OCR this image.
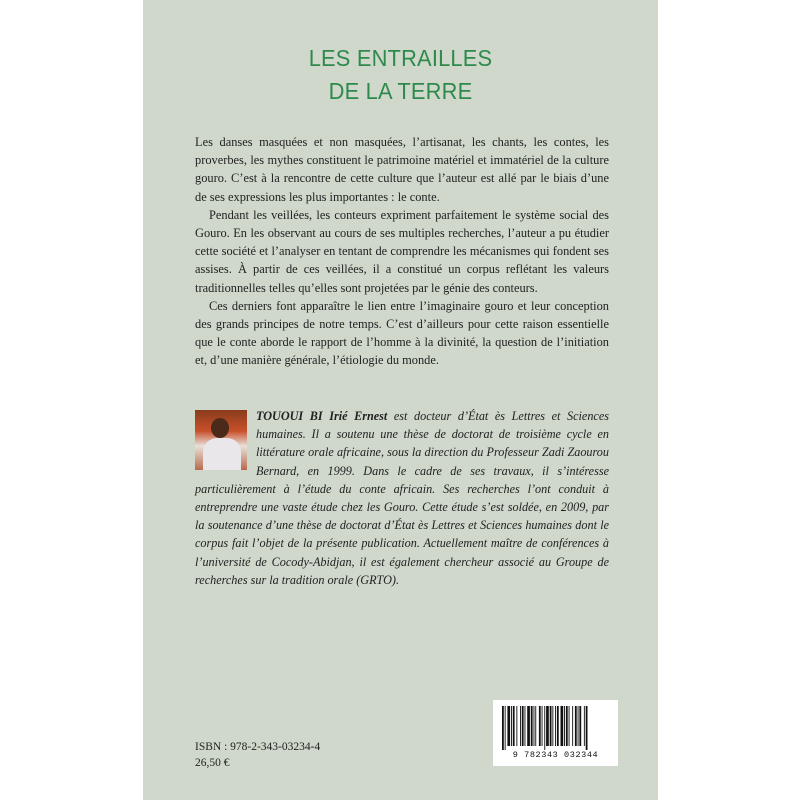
LES ENTRAILLES
DE LA TERRE

Les danses masquées et non masquées, l’artisanat, les chants, les contes, les proverbes, les mythes constituent le patrimoine matériel et immatériel de la culture gouro. C’est à la rencontre de cette culture que l’auteur est allé par le biais d’une de ses expressions les plus importantes : le conte.

Pendant les veillées, les conteurs expriment parfaitement le système social des Gouro. En les observant au cours de ses multiples recherches, l’auteur a pu étudier cette société et l’analyser en tentant de comprendre les mécanismes qui fondent ses assises. À partir de ces veillées, il a constitué un corpus reflétant les valeurs traditionnelles telles qu’elles sont projetées par le génie des conteurs.

Ces derniers font apparaître le lien entre l’imaginaire gouro et leur conception des grands principes de notre temps. C’est d’ailleurs pour cette raison essentielle que le conte aborde le rapport de l’homme à la divinité, la question de l’initiation et, d’une manière générale, l’étiologie du monde.

TOUOUI BI Irié Ernest est docteur d’État ès Lettres et Sciences humaines. Il a soutenu une thèse de doctorat de troisième cycle en littérature orale africaine, sous la direction du Professeur Zadi Zaourou Bernard, en 1999. Dans le cadre de ses travaux, il s’intéresse particulièrement à l’étude du conte africain. Ses recherches l’ont conduit à entreprendre une vaste étude chez les Gouro. Cette étude s’est soldée, en 2009, par la soutenance d’une thèse de doctorat d’État ès Lettres et Sciences humaines dont le corpus fait l’objet de la présente publication. Actuellement maître de conférences à l’université de Cocody-Abidjan, il est également chercheur associé au Groupe de recherches sur la tradition orale (GRTO).
ISBN : 978-2-343-03234-4
26,50 €
9 782343 032344
